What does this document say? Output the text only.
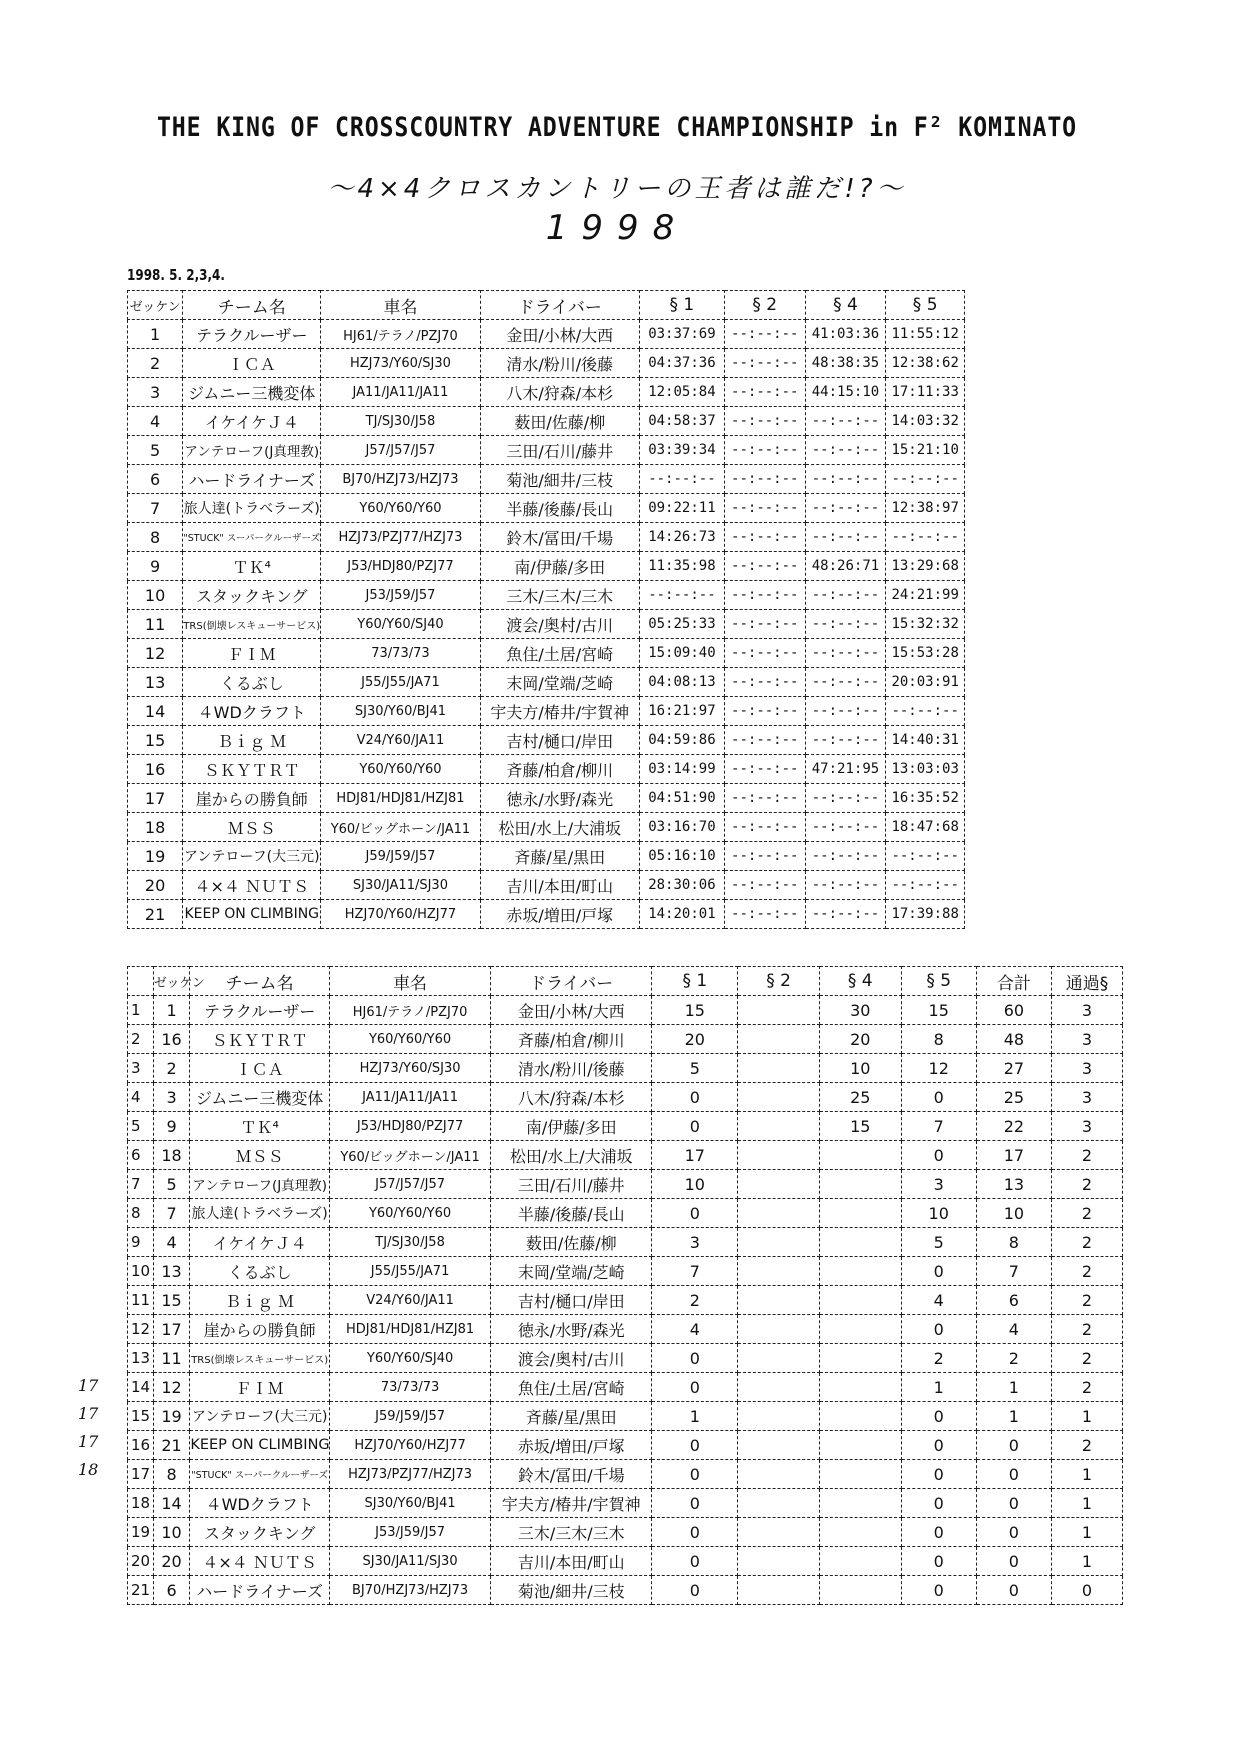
THE KING OF CROSSCOUNTRY ADVENTURE CHAMPIONSHIP in F² KOMINATO
〜4×4クロスカントリーの王者は誰だ!?〜
1998
1998. 5. 2,3,4.
ゼッケン	チーム名	車名	ドライバー	§ 1	§ 2	§ 4	§ 5
1	テラクルーザー	HJ61/テラノ/PZJ70	金田/小林/大西	03:37:69	--:--:--	41:03:36	11:55:12
2	ＩＣＡ	HZJ73/Y60/SJ30	清水/粉川/後藤	04:37:36	--:--:--	48:38:35	12:38:62
3	ジムニー三機変体	JA11/JA11/JA11	八木/狩森/本杉	12:05:84	--:--:--	44:15:10	17:11:33
4	イケイケＪ４	TJ/SJ30/J58	薮田/佐藤/柳	04:58:37	--:--:--	--:--:--	14:03:32
5	アンテローフ(J真理教)	J57/J57/J57	三田/石川/藤井	03:39:34	--:--:--	--:--:--	15:21:10
6	ハードライナーズ	BJ70/HZJ73/HZJ73	菊池/細井/三枝	--:--:--	--:--:--	--:--:--	--:--:--
7	旅人達(トラベラーズ)	Y60/Y60/Y60	半藤/後藤/長山	09:22:11	--:--:--	--:--:--	12:38:97
8	"STUCK" スーパークルーザーズ	HZJ73/PZJ77/HZJ73	鈴木/冨田/千場	14:26:73	--:--:--	--:--:--	--:--:--
9	ＴＫ⁴	J53/HDJ80/PZJ77	南/伊藤/多田	11:35:98	--:--:--	48:26:71	13:29:68
10	スタックキング	J53/J59/J57	三木/三木/三木	--:--:--	--:--:--	--:--:--	24:21:99
11	TRS(倒壊レスキューサービス)	Y60/Y60/SJ40	渡会/奥村/古川	05:25:33	--:--:--	--:--:--	15:32:32
12	ＦＩＭ	73/73/73	魚住/土居/宮崎	15:09:40	--:--:--	--:--:--	15:53:28
13	くるぶし	J55/J55/JA71	末岡/堂端/芝崎	04:08:13	--:--:--	--:--:--	20:03:91
14	４WDクラフト	SJ30/Y60/BJ41	宇夫方/椿井/宇賀神	16:21:97	--:--:--	--:--:--	--:--:--
15	Ｂｉｇ Ｍ	V24/Y60/JA11	吉村/樋口/岸田	04:59:86	--:--:--	--:--:--	14:40:31
16	ＳＫＹＴＲＴ	Y60/Y60/Y60	斉藤/柏倉/柳川	03:14:99	--:--:--	47:21:95	13:03:03
17	崖からの勝負師	HDJ81/HDJ81/HZJ81	徳永/水野/森光	04:51:90	--:--:--	--:--:--	16:35:52
18	ＭＳＳ	Y60/ビッグホーン/JA11	松田/水上/大浦坂	03:16:70	--:--:--	--:--:--	18:47:68
19	アンテローフ(大三元)	J59/J59/J57	斉藤/星/黒田	05:16:10	--:--:--	--:--:--	--:--:--
20	４×４ ＮＵＴＳ	SJ30/JA11/SJ30	吉川/本田/町山	28:30:06	--:--:--	--:--:--	--:--:--
21	KEEP ON CLIMBING	HZJ70/Y60/HZJ77	赤坂/増田/戸塚	14:20:01	--:--:--	--:--:--	17:39:88
	ゼッケン	チーム名	車名	ドライバー	§ 1	§ 2	§ 4	§ 5	合計	通過§
1	1	テラクルーザー	HJ61/テラノ/PZJ70	金田/小林/大西	15		30	15	60	3
2	16	ＳＫＹＴＲＴ	Y60/Y60/Y60	斉藤/柏倉/柳川	20		20	8	48	3
3	2	ＩＣＡ	HZJ73/Y60/SJ30	清水/粉川/後藤	5		10	12	27	3
4	3	ジムニー三機変体	JA11/JA11/JA11	八木/狩森/本杉	0		25	0	25	3
5	9	ＴＫ⁴	J53/HDJ80/PZJ77	南/伊藤/多田	0		15	7	22	3
6	18	ＭＳＳ	Y60/ビッグホーン/JA11	松田/水上/大浦坂	17			0	17	2
7	5	アンテローフ(J真理教)	J57/J57/J57	三田/石川/藤井	10			3	13	2
8	7	旅人達(トラベラーズ)	Y60/Y60/Y60	半藤/後藤/長山	0			10	10	2
9	4	イケイケＪ４	TJ/SJ30/J58	薮田/佐藤/柳	3			5	8	2
10	13	くるぶし	J55/J55/JA71	末岡/堂端/芝崎	7			0	7	2
11	15	Ｂｉｇ Ｍ	V24/Y60/JA11	吉村/樋口/岸田	2			4	6	2
12	17	崖からの勝負師	HDJ81/HDJ81/HZJ81	徳永/水野/森光	4			0	4	2
13	11	TRS(倒壊レスキューサービス)	Y60/Y60/SJ40	渡会/奥村/古川	0			2	2	2
14	12	ＦＩＭ	73/73/73	魚住/土居/宮崎	0			1	1	2
15	19	アンテローフ(大三元)	J59/J59/J57	斉藤/星/黒田	1			0	1	1
16	21	KEEP ON CLIMBING	HZJ70/Y60/HZJ77	赤坂/増田/戸塚	0			0	0	2
17	8	"STUCK" スーパークルーザーズ	HZJ73/PZJ77/HZJ73	鈴木/冨田/千場	0			0	0	1
18	14	４WDクラフト	SJ30/Y60/BJ41	宇夫方/椿井/宇賀神	0			0	0	1
19	10	スタックキング	J53/J59/J57	三木/三木/三木	0			0	0	1
20	20	４×４ ＮＵＴＳ	SJ30/JA11/SJ30	吉川/本田/町山	0			0	0	1
21	6	ハードライナーズ	BJ70/HZJ73/HZJ73	菊池/細井/三枝	0			0	0	0
17
17
17
18
